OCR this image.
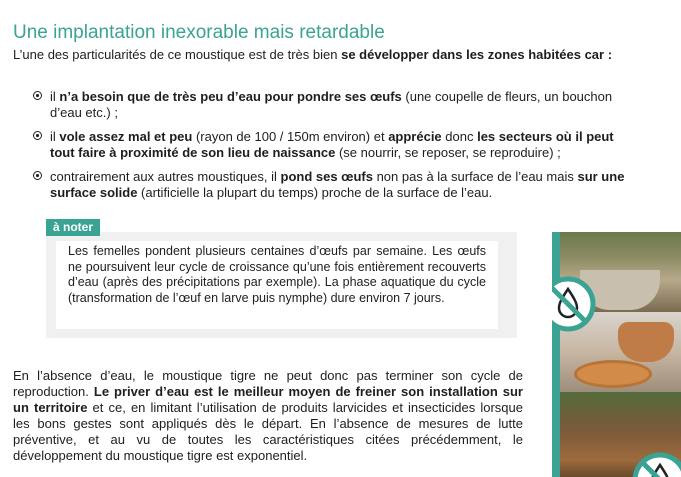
Une implantation inexorable mais retardable

L’une des particularités de ce moustique est de très bien se développer dans les zones habitées car :

il n’a besoin que de très peu d’eau pour pondre ses œufs (une coupelle de fleurs, un bouchon d’eau etc.) ;
il vole assez mal et peu (rayon de 100 / 150m environ) et apprécie donc les secteurs où il peut tout faire à proximité de son lieu de naissance (se nourrir, se reposer, se reproduire) ;
contrairement aux autres moustiques, il pond ses œufs non pas à la surface de l’eau mais sur une surface solide (artificielle la plupart du temps) proche de la surface de l’eau.
à noter

Les femelles pondent plusieurs centaines d’œufs par semaine. Les œufs ne poursuivent leur cycle de croissance qu’une fois entièrement recouverts d’eau (après des précipitations par exemple). La phase aquatique du cycle (transformation de l’œuf en larve puis nymphe) dure environ 7 jours.

En l’absence d’eau, le moustique tigre ne peut donc pas terminer son cycle de reproduction. Le priver d’eau est le meilleur moyen de freiner son installation sur un territoire et ce, en limitant l’utilisation de produits larvicides et insecticides lorsque les bons gestes sont appliqués dès le départ. En l’absence de mesures de lutte préventive, et au vu de toutes les caractéristiques citées précédemment, le développement du moustique tigre est exponentiel.
